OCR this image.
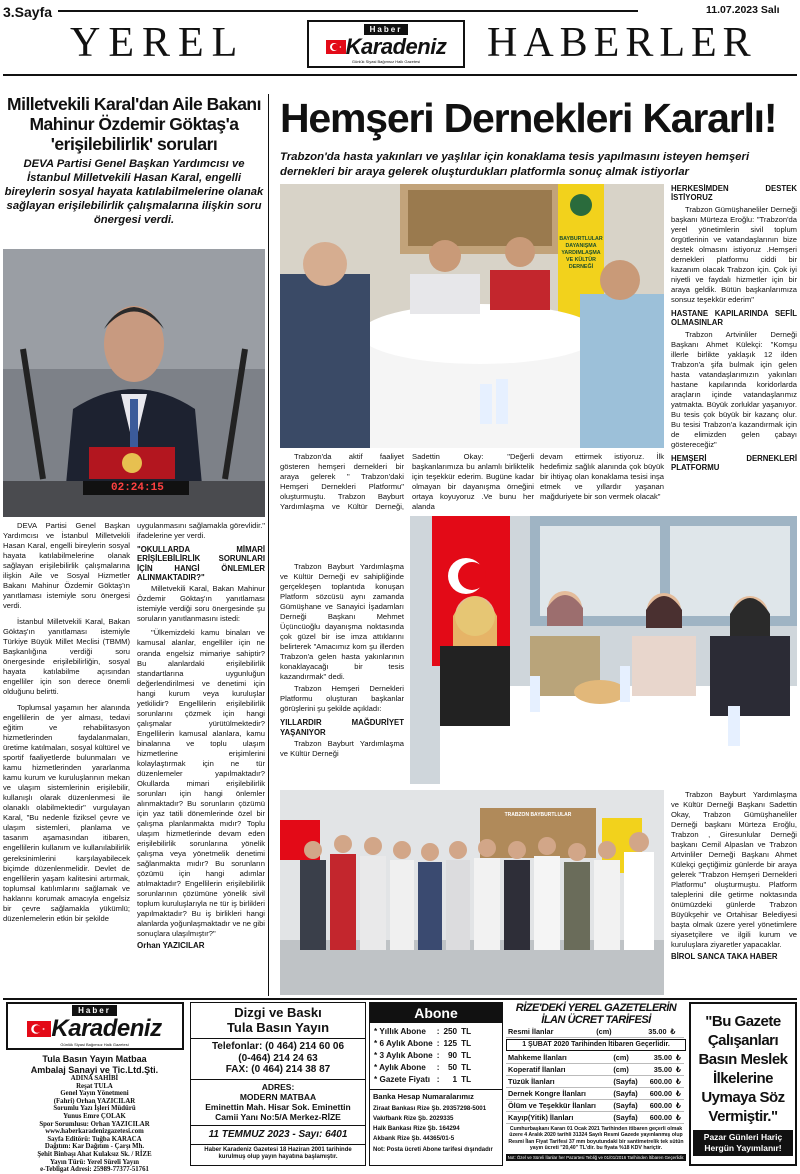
3.Sayfa	11.07.2023 Salı
YEREL	HABERLER
Haber
Karadeniz
Günlük Siyasi Bağımsız Halk Gazetesi
Milletvekili Karal'dan Aile Bakanı Mahinur Özdemir Göktaş'a 'erişilebilirlik' soruları
DEVA Partisi Genel Başkan Yardımcısı ve İstanbul Milletvekili Hasan Karal, engelli bireylerin sosyal hayata katılabilmelerine olanak sağlayan erişilebilirlik çalışmalarına ilişkin soru önergesi verdi.
02:24:15

DEVA Partisi Genel Başkan Yardımcısı ve İstanbul Milletvekili Hasan Karal, engelli bireylerin sosyal hayata katılabilmelerine olanak sağlayan erişilebilirlik çalışmalarına ilişkin Aile ve Sosyal Hizmetler Bakanı Mahinur Özdemir Göktaş'ın yanıtlaması istemiyle soru önergesi verdi.

İstanbul Milletvekili Karal, Bakan Göktaş'ın yanıtlaması istemiyle Türkiye Büyük Millet Meclisi (TBMM) Başkanlığına verdiği soru önergesinde erişilebilirliğin, sosyal hayata katılabilme açısından engelliler için son derece önemli olduğunu belirtti.

Toplumsal yaşamın her alanında engellilerin de yer alması, tedavi eğitim ve rehabilitasyon hizmetlerinden faydalanmaları, üretime katılmaları, sosyal kültürel ve sportif faaliyetlerde bulunmaları ve kamu hizmetlerinden yararlanma kamu kurum ve kuruluşlarının mekan ve ulaşım sistemlerinin erişilebilir, kullanışlı olarak düzenlenmesi ile olanaklı olabilmektedir" vurgulayan Karal, "Bu nedenle fiziksel çevre ve ulaşım sistemleri, planlama ve tasarım aşamasından itibaren, engellilerin kullanım ve kullanılabilirlik gereksinimlerini karşılayabilecek biçimde düzenlenmelidir. Devlet de engellilerin yaşam kalitesini artırmak, toplumsal katılımlarını sağlamak ve haklarını korumak amacıyla engelsiz bir çevre sağlamakla yükümlü; düzenlemelerin etkin bir şekilde

uygulanmasını sağlamakla görevlidir." ifadelerine yer verdi.
"OKULLARDA MİMARİ ERİŞİLEBİLİRLİK SORUNLARI İÇİN HANGİ ÖNLEMLER ALINMAKTADIR?"

Milletvekili Karal, Bakan Mahinur Özdemir Göktaş'ın yanıtlaması istemiyle verdiği soru önergesinde şu soruların yanıtlanmasını istedi:

"Ülkemizdeki kamu binaları ve kamusal alanlar, engelliler için ne oranda engelsiz mimariye sahiptir? Bu alanlardaki erişilebilirlik standartlarına uygunluğun değerlendirilmesi ve denetimi için hangi kurum veya kuruluşlar yetkilidir? Engellilerin erişilebilirlik sorunlarını çözmek için hangi çalışmalar yürütülmektedir? Engellilerin kamusal alanlara, kamu binalarına ve toplu ulaşım hizmetlerine erişimlerini kolaylaştırmak için ne tür düzenlemeler yapılmaktadır? Okullarda mimari erişilebilirlik sorunları için hangi önlemler alınmaktadır? Bu sorunların çözümü için yaz tatili dönemlerinde özel bir çalışma planlanmakta mıdır? Toplu ulaşım hizmetlerinde devam eden erişilebilirlik sorunlarına yönelik çalışma veya yönetmelik denetimi sağlanmakta mıdır? Bu sorunların çözümü için hangi adımlar atılmaktadır? Engellilerin erişilebilirlik sorunlarının çözümüne yönelik sivil toplum kuruluşlarıyla ne tür iş birlikleri yapılmaktadır? Bu iş birlikleri hangi alanlarda yoğunlaşmaktadır ve ne gibi sonuçlara ulaşılmıştır?"

Orhan YAZICILAR
Hemşeri Dernekleri Kararlı!
Trabzon'da hasta yakınları ve yaşlılar için konaklama tesis yapılmasını isteyen hemşeri dernekleri bir araya gelerek oluşturdukları platformla sonuç almak istiyorlar
BAYBURTLULAR DAYANIŞMA YARDIMLAŞMA VE KÜLTÜR DERNEĞİ
HERKESİMDEN DESTEK İSTİYORUZ

Trabzon Gümüşhaneliler Derneği başkanı Mürteza Eroğlu: "Trabzon'da yerel yönetimlerin sivil toplum örgütlerinin ve vatandaşlarının bize destek olmasını istiyoruz .Hemşeri dernekleri platformu ciddi bir kazanım olacak Trabzon için. Çok iyi niyetli ve faydalı hizmetler için bir araya geldik. Bütün başkanlarımıza sonsuz teşekkür ederim"

HASTANE KAPILARINDA SEFİL OLMASINLAR

Trabzon Artvinliler Derneği Başkanı Ahmet Külekçi: "Komşu illerle birlikte yaklaşık 12 ilden Trabzon'a şifa bulmak için gelen hasta vatandaşlarımızın yakınları hastane kapılarında koridorlarda araçların içinde vatandaşlarımız yatmakta. Büyük zorluklar yaşanıyor. Bu tesis çok büyük bir kazanç olur. Bu tesisi Trabzon'a kazandırmak için de elimizden gelen çabayı göstereceğiz"

HEMŞERİ DERNEKLERİ PLATFORMU

Trabzon'da aktif faaliyet gösteren hemşeri dernekleri bir araya gelerek " Trabzon'daki Hemşeri Dernekleri Platformu" oluşturmuştu. Trabzon Bayburt Yardımlaşma ve Kültür Derneği,

Sadettin Okay: "Değerli başkanlarımıza bu anlamlı birliktelik için teşekkür ederim. Bugüne kadar olmayan bir dayanışma örneğini ortaya koyuyoruz .Ve bunu her alanda

devam ettirmek istiyoruz. İlk hedefimiz sağlık alanında çok büyük bir ihtiyaç olan konaklama tesisi inşa etmek ve yıllardır yaşanan mağduriyete bir son vermek olacak"

Trabzon Bayburt Yardımlaşma ve Kültür Derneği ev sahipliğinde gerçekleşen toplantıda konuşan Platform sözcüsü aynı zamanda Gümüşhane ve Sanayici İşadamları Derneği Başkanı Mehmet Üçüncüoğlu dayanışma noktasında çok güzel bir ise imza attıklarını belirterek "Amacımız kom şu illerden Trabzon'a gelen hasta yakınlarının konaklayacağı bir tesis kazandırmak" dedi.

Trabzon Hemşeri Dernekleri Platformu oluşturan başkanlar görüşlerini şu şekilde açıkladı:

YILLARDIR MAĞDURİYET YAŞANIYOR

Trabzon Bayburt Yardımlaşma ve Kültür Derneği

TRABZON BAYBURTLULAR

Trabzon Bayburt Yardımlaşma ve Kültür Derneği Başkanı Sadettin Okay, Trabzon Gümüşhaneliler Derneği başkanı Mürteza Eroğlu, Trabzon , Giresunlular Derneği başkanı Cemil Alpaslan ve Trabzon Artvinliler Derneği Başkanı Ahmet Külekçi geçtiğimiz günlerde bir araya gelerek "Trabzon Hemşeri Dernekleri Platformu" oluşturmuştu. Platform taleplerini dile getirme noktasında önümüzdeki günlerde Trabzon Büyükşehir ve Ortahisar Belediyesi başta olmak üzere yerel yönetimlere siyasetçilere ve ilgili kurum ve kuruluşlara ziyaretler yapacaklar.

BİROL SANCA TAKA HABER
Haber
Karadeniz
Günlük Siyasi Bağımsız Halk Gazetesi
Tula Basın Yayın Matbaa
Ambalaj Sanayi ve Tic.Ltd.Şti.
ADINA SAHİBİ
Reşat TULA
Genel Yayın Yönetmeni
(Fahri) Orhan YAZICILAR
Sorumlu Yazı İşleri Müdürü
Yunus Emre ÇOLAK
Spor Sorumlusu: Orhan YAZICILAR
www.haberkaradenizgazetesi.com
Sayfa Editörü: Tuğba KARACA
Dağıtım: Kar Dağıtım - Çarşı Mh.
Şehit Binbaşı Ahat Kulaksız Sk. / RİZE
Yayın Türü: Yerel Süreli Yayın
e-Tebligat Adresi: 25989-77377-51761
Dizgi ve Baskı
Tula Basın Yayın
Telefonlar: (0 464) 214 60 06
(0-464) 214 24 63
FAX: (0 464) 214 38 87
ADRES:
MODERN MATBAA
Eminettin Mah. Hisar Sok. Eminettin
Camii Yanı No:5/A Merkez-RİZE
11 TEMMUZ 2023 - Sayı: 6401
Haber Karadeniz Gazetesi 18 Haziran 2001 tarihinde kurulmuş olup yayın hayatına başlamıştır.
Abone
* Yıllık Abone	:	250	TL
* 6 Aylık Abone	:	125	TL
* 3 Aylık Abone	:	90	TL
* Aylık Abone	:	50	TL
* Gazete Fiyatı	:	1	TL
Banka Hesap Numaralarımız
Ziraat Bankası Rize Şb. 29357298-5001
Vakıfbank Rize Şb. 2029335
Halk Bankası Rize Şb. 164294
Akbank Rize Şb. 44365/01-5
Not: Posta ücreti Abone tarifesi dışındadır
RİZE'DEKİ YEREL GAZETELERİN İLAN ÜCRET TARİFESİ
Resmi İlanlar	(cm)	35.00	₺
1 ŞUBAT 2020 Tarihinden İtibaren Geçerlidir.
Mahkeme İlanları	(cm)	35.00	₺
Koperatif İlanları	(cm)	35.00	₺
Tüzük İlanları	(Sayfa)	600.00	₺
Dernek Kongre İlanları	(Sayfa)	600.00	₺
Ölüm ve Teşekkür İlanları	(Sayfa)	600.00	₺
Kayıp(Yitik) İlanları	(Sayfa)	600.00	₺
Cumhurbaşkanı Kararı 01 Ocak 2021 Tarihinden itibaren geçerli olmak üzere 4 Aralık 2020 tarihli 31324 Sayılı Resmi Gazede yayınlanmış olup Resmi İlan Fiyat Tarifesi 37 mm boyutundaki bir santimetrelik tek sütün yayın ücreti "20,40" TL'dir. bu fiyata %18 KDV hariçtir.
Not: Özel ve Süreli İlanlar her Pazartesi Tebliğ ve 01/01/2016 Tarihinden İtibaren Geçerlidir.
"Bu Gazete Çalışanları Basın Meslek İlkelerine Uymaya Söz Vermiştir."
Pazar Günleri Hariç Hergün Yayımlanır!
